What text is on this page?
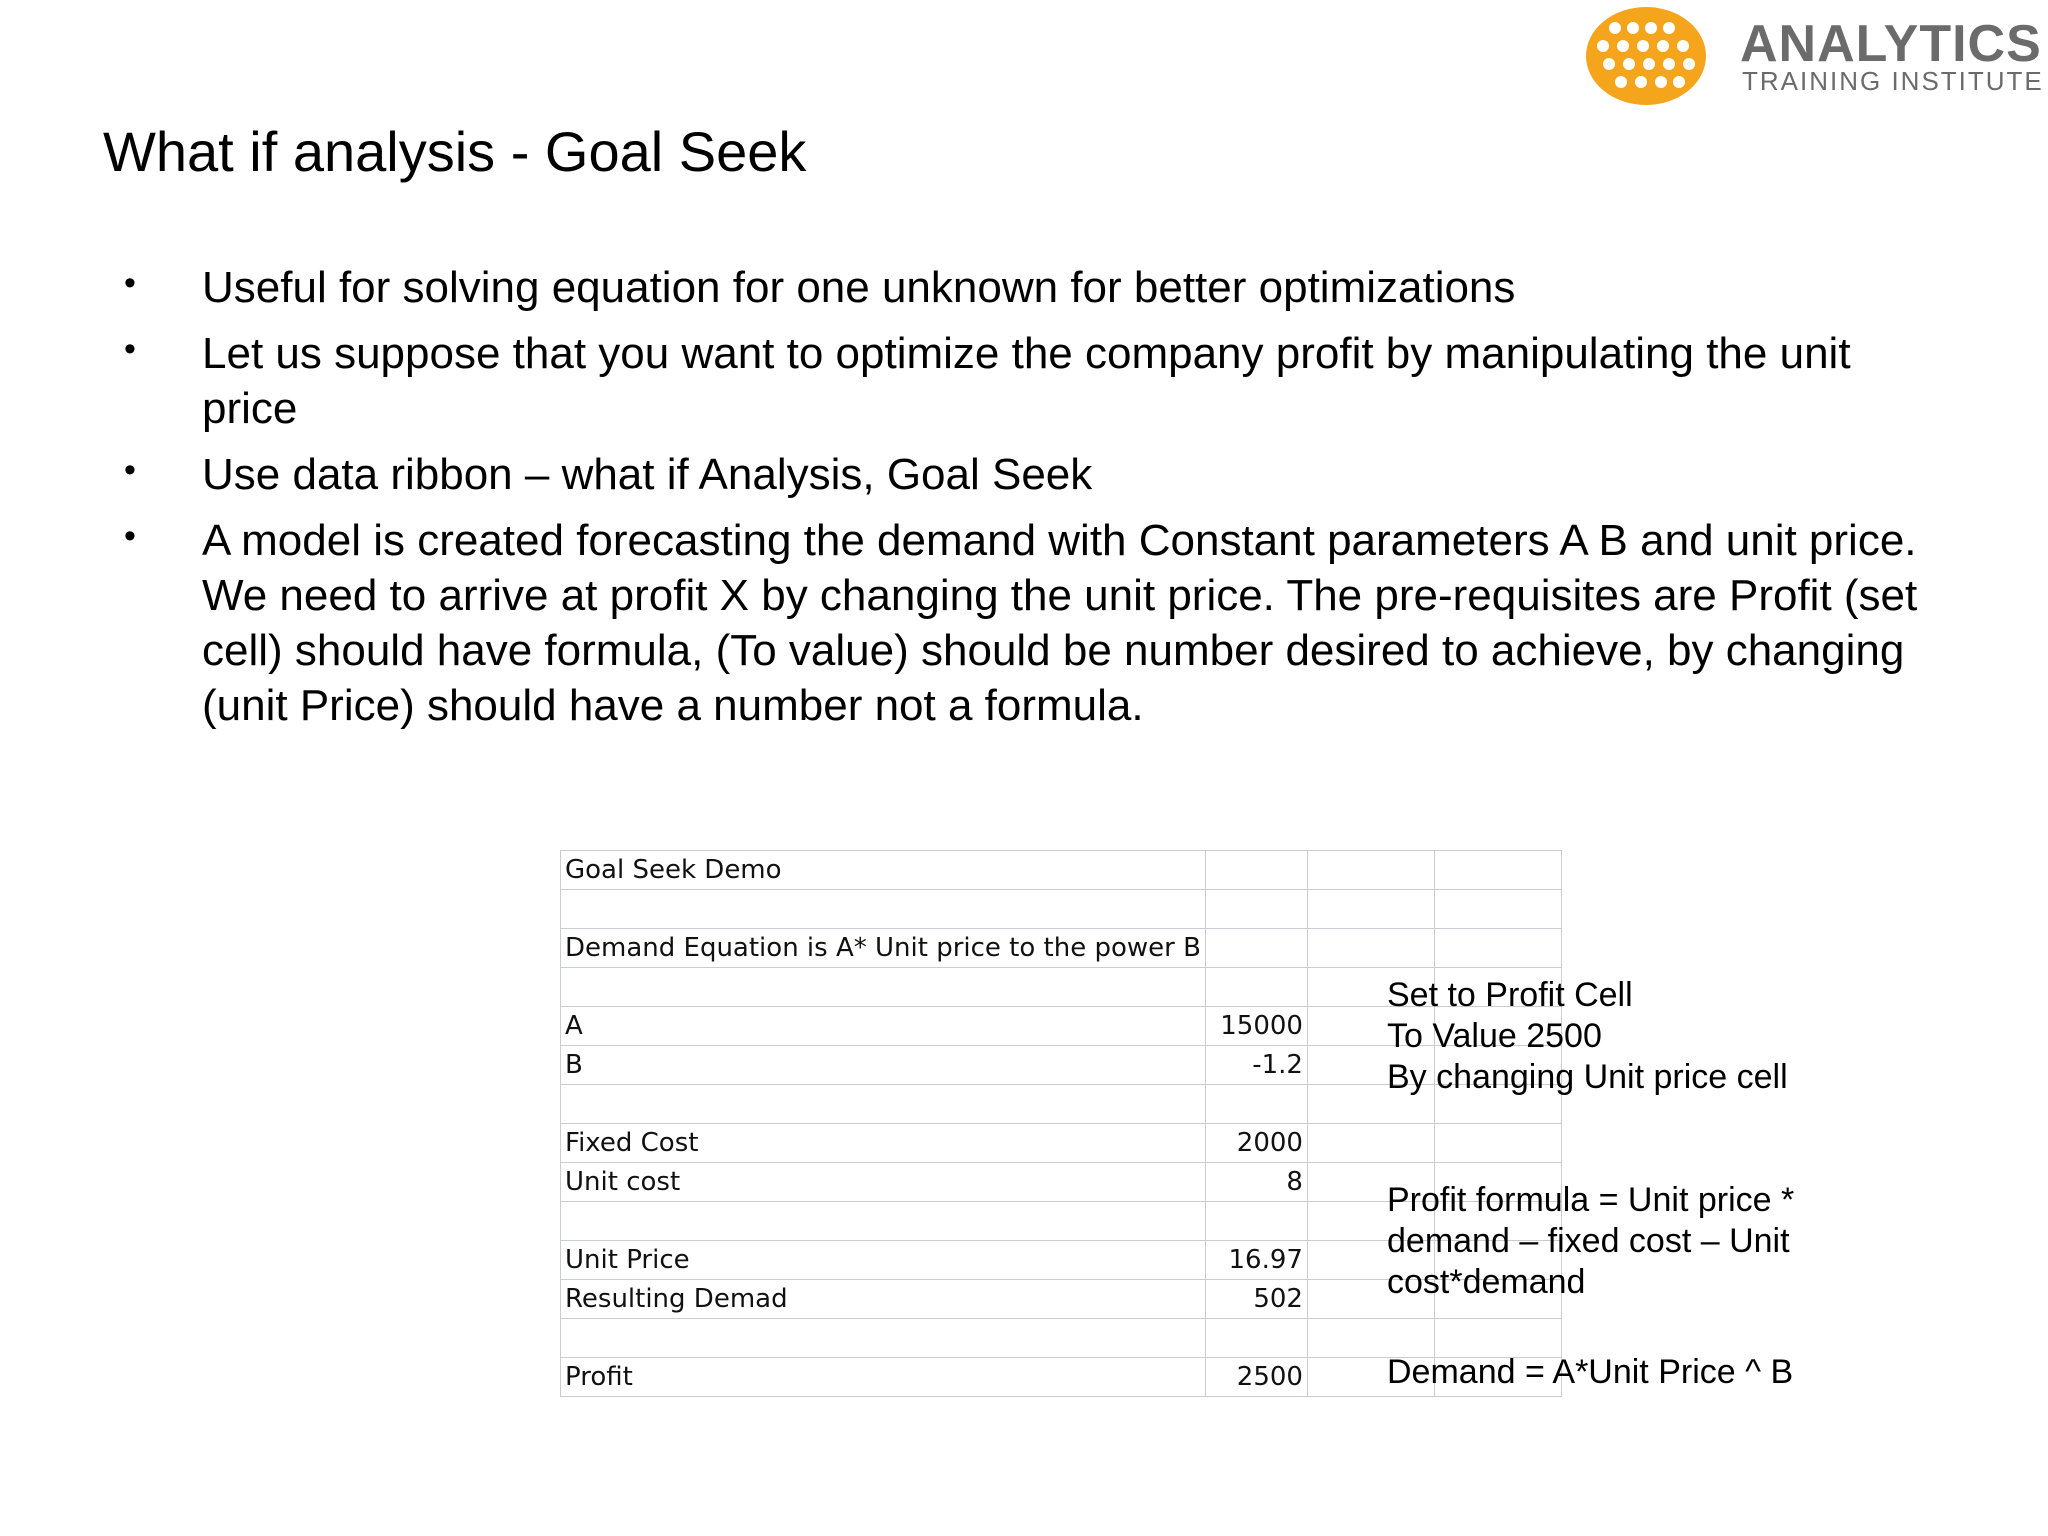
ANALYTICS
TRAINING INSTITUTE
What if analysis - Goal Seek
• Useful for solving equation for one unknown for better optimizations
• Let us suppose that you want to optimize the company profit by manipulating the unit price
• Use data ribbon – what if Analysis, Goal Seek
• A model is created forecasting the demand with Constant parameters A B and unit price. We need to arrive at profit X by changing the unit price. The pre-requisites are Profit (set cell) should have formula, (To value) should be number desired to achieve, by changing (unit Price) should have a number not a formula.
Goal Seek Demo			

Demand Equation is A* Unit price to the power B			

A	15000		
B	-1.2		

Fixed Cost	2000		
Unit cost	8		

Unit Price	16.97		
Resulting Demad	502		

Profit	2500		
Set to Profit Cell
To Value 2500
By changing Unit price cell
Profit formula = Unit price * demand – fixed cost – Unit cost*demand
Demand = A*Unit Price ^ B
